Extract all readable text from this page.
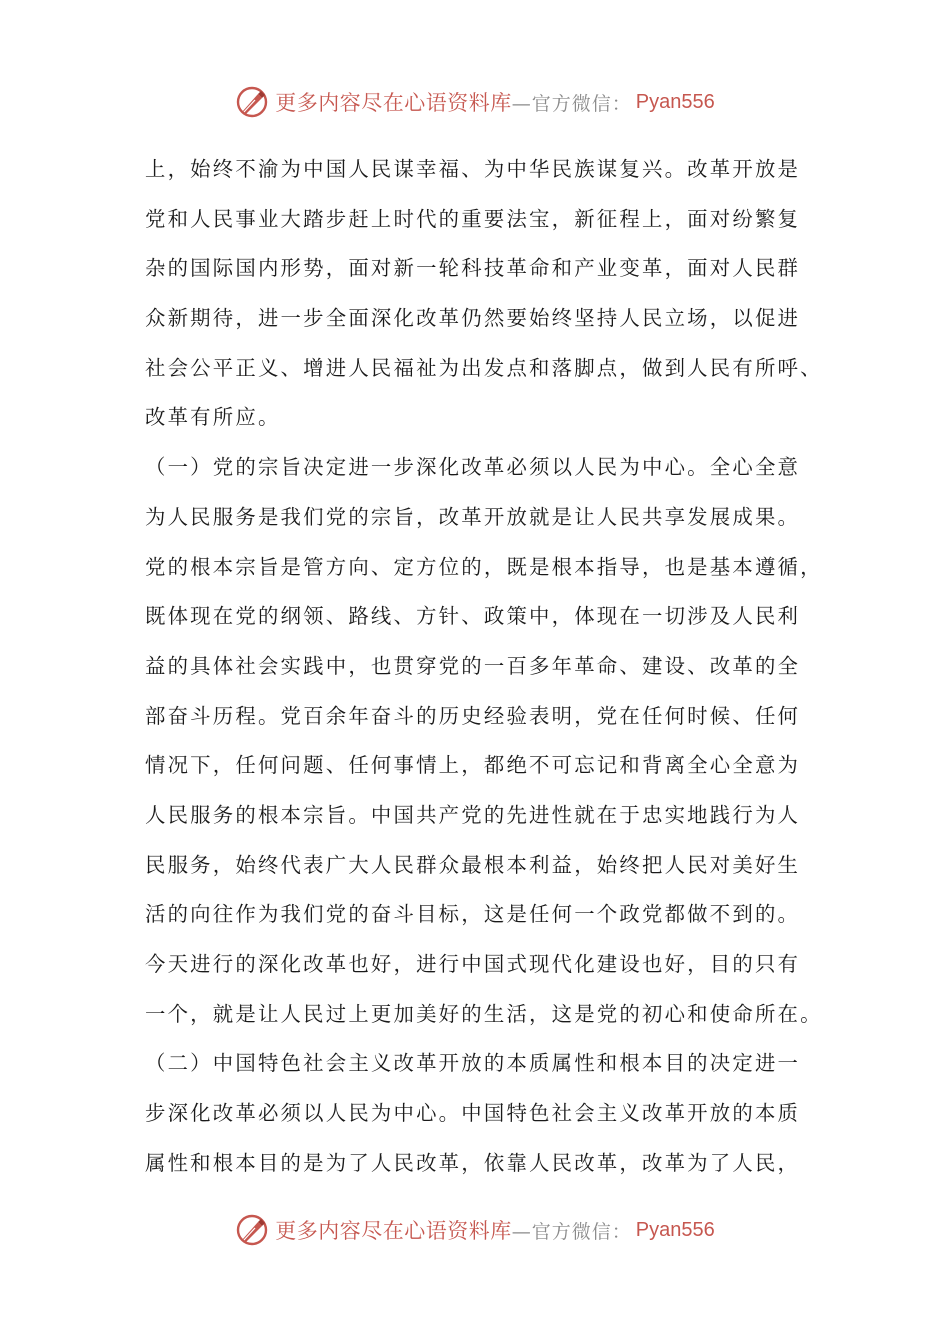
更多内容尽在心语资料库 —官方微信： Pyan556
上，始终不渝为中国人民谋幸福、为中华民族谋复兴。改革开放是
党和人民事业大踏步赶上时代的重要法宝，新征程上，面对纷繁复
杂的国际国内形势，面对新一轮科技革命和产业变革，面对人民群
众新期待，进一步全面深化改革仍然要始终坚持人民立场，以促进
社会公平正义、增进人民福祉为出发点和落脚点，做到人民有所呼、
改革有所应。
（一）党的宗旨决定进一步深化改革必须以人民为中心。全心全意
为人民服务是我们党的宗旨，改革开放就是让人民共享发展成果。
党的根本宗旨是管方向、定方位的，既是根本指导，也是基本遵循，
既体现在党的纲领、路线、方针、政策中，体现在一切涉及人民利
益的具体社会实践中，也贯穿党的一百多年革命、建设、改革的全
部奋斗历程。党百余年奋斗的历史经验表明，党在任何时候、任何
情况下，任何问题、任何事情上，都绝不可忘记和背离全心全意为
人民服务的根本宗旨。中国共产党的先进性就在于忠实地践行为人
民服务，始终代表广大人民群众最根本利益，始终把人民对美好生
活的向往作为我们党的奋斗目标，这是任何一个政党都做不到的。
今天进行的深化改革也好，进行中国式现代化建设也好，目的只有
一个，就是让人民过上更加美好的生活，这是党的初心和使命所在。
（二）中国特色社会主义改革开放的本质属性和根本目的决定进一
步深化改革必须以人民为中心。中国特色社会主义改革开放的本质
属性和根本目的是为了人民改革，依靠人民改革，改革为了人民，
更多内容尽在心语资料库 —官方微信： Pyan556
